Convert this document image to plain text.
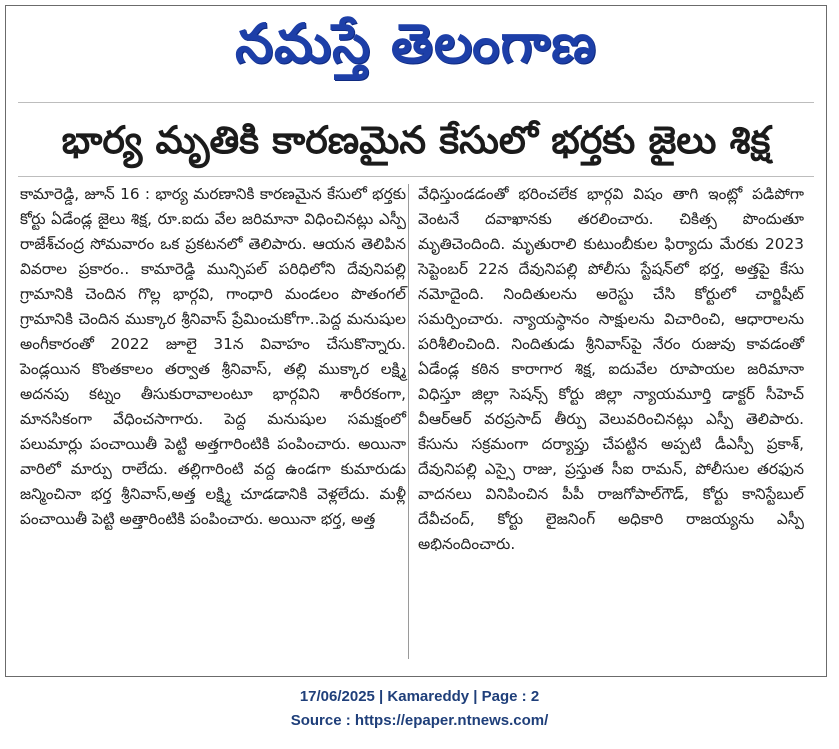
నమస్తే తెలంగాణ
భార్య మృతికి కారణమైన కేసులో భర్తకు జైలు శిక్ష
కామారెడ్డి, జూన్ 16 : భార్య మరణానికి కారణమైన కేసులో భర్తకు కోర్టు ఏడేండ్ల జైలు శిక్ష, రూ.ఐదు వేల జరిమానా విధించినట్లు ఎస్పీ రాజేశ్‌చంద్ర సోమవారం ఒక ప్రకటనలో తెలిపారు. ఆయన తెలిపిన వివరాల ప్రకారం.. కామారెడ్డి మున్సిపల్ పరిధిలోని దేవునిపల్లి గ్రామానికి చెందిన గొల్ల భార్గవి, గాంధారి మండలం పొతంగల్ గ్రామానికి చెందిన ముక్కార శ్రీనివాస్ ప్రేమించుకోగా..పెద్ద మనుషుల అంగీకారంతో 2022 జూలై 31న వివాహం చేసుకొన్నారు. పెండ్లయిన కొంతకాలం తర్వాత శ్రీనివాస్, తల్లి ముక్కార లక్ష్మి అదనపు కట్నం తీసుకురావాలంటూ భార్గవిని శారీరకంగా, మానసికంగా వేధించసాగారు. పెద్ద మనుషుల సమక్షంలో పలుమార్లు పంచాయితీ పెట్టి అత్తగారింటికి పంపించారు. అయినా వారిలో మార్పు రాలేదు. తల్లిగారింటి వద్ద ఉండగా కుమారుడు జన్మించినా భర్త శ్రీనివాస్,అత్త లక్ష్మి చూడడానికి వెళ్లలేదు. మళ్లీ పంచాయితీ పెట్టి అత్తారింటికి పంపించారు. అయినా భర్త, అత్త
వేధిస్తుండడంతో భరించలేక భార్గవి విషం తాగి ఇంట్లో పడిపోగా వెంటనే దవాఖానకు తరలించారు. చికిత్స పొందుతూ మృతిచెందింది. మృతురాలి కుటుంబీకుల ఫిర్యాదు మేరకు 2023 సెప్టెంబర్ 22న దేవునిపల్లి పోలీసు స్టేషన్‌లో భర్త, అత్తపై కేసు నమోదైంది. నిందితులను అరెస్టు చేసి కోర్టులో చార్జిషీట్ సమర్పించారు. న్యాయస్థానం సాక్షులను విచారించి, ఆధారాలను పరిశీలించింది. నిందితుడు శ్రీనివాస్‌పై నేరం రుజువు కావడంతో ఏడేండ్ల కఠిన కారాగార శిక్ష, ఐదువేల రూపాయల జరిమానా విధిస్తూ జిల్లా సెషన్స్ కోర్టు జిల్లా న్యాయమూర్తి డాక్టర్ సీహెచ్ వీఆర్ఆర్ వరప్రసాద్ తీర్పు వెలువరించినట్లు ఎస్పీ తెలిపారు. కేసును సక్రమంగా దర్యాప్తు చేపట్టిన అప్పటి డీఎస్పీ ప్రకాశ్, దేవునిపల్లి ఎస్సై రాజు, ప్రస్తుత సీఐ రామన్, పోలీసుల తరఫున వాదనలు వినిపించిన పీపీ రాజగోపాల్‌గౌడ్, కోర్టు కానిస్టేబుల్ దేవీచంద్, కోర్టు లైజనింగ్ అధికారి రాజయ్యను ఎస్పీ అభినందించారు.
17/06/2025 | Kamareddy | Page : 2
Source : https://epaper.ntnews.com/
